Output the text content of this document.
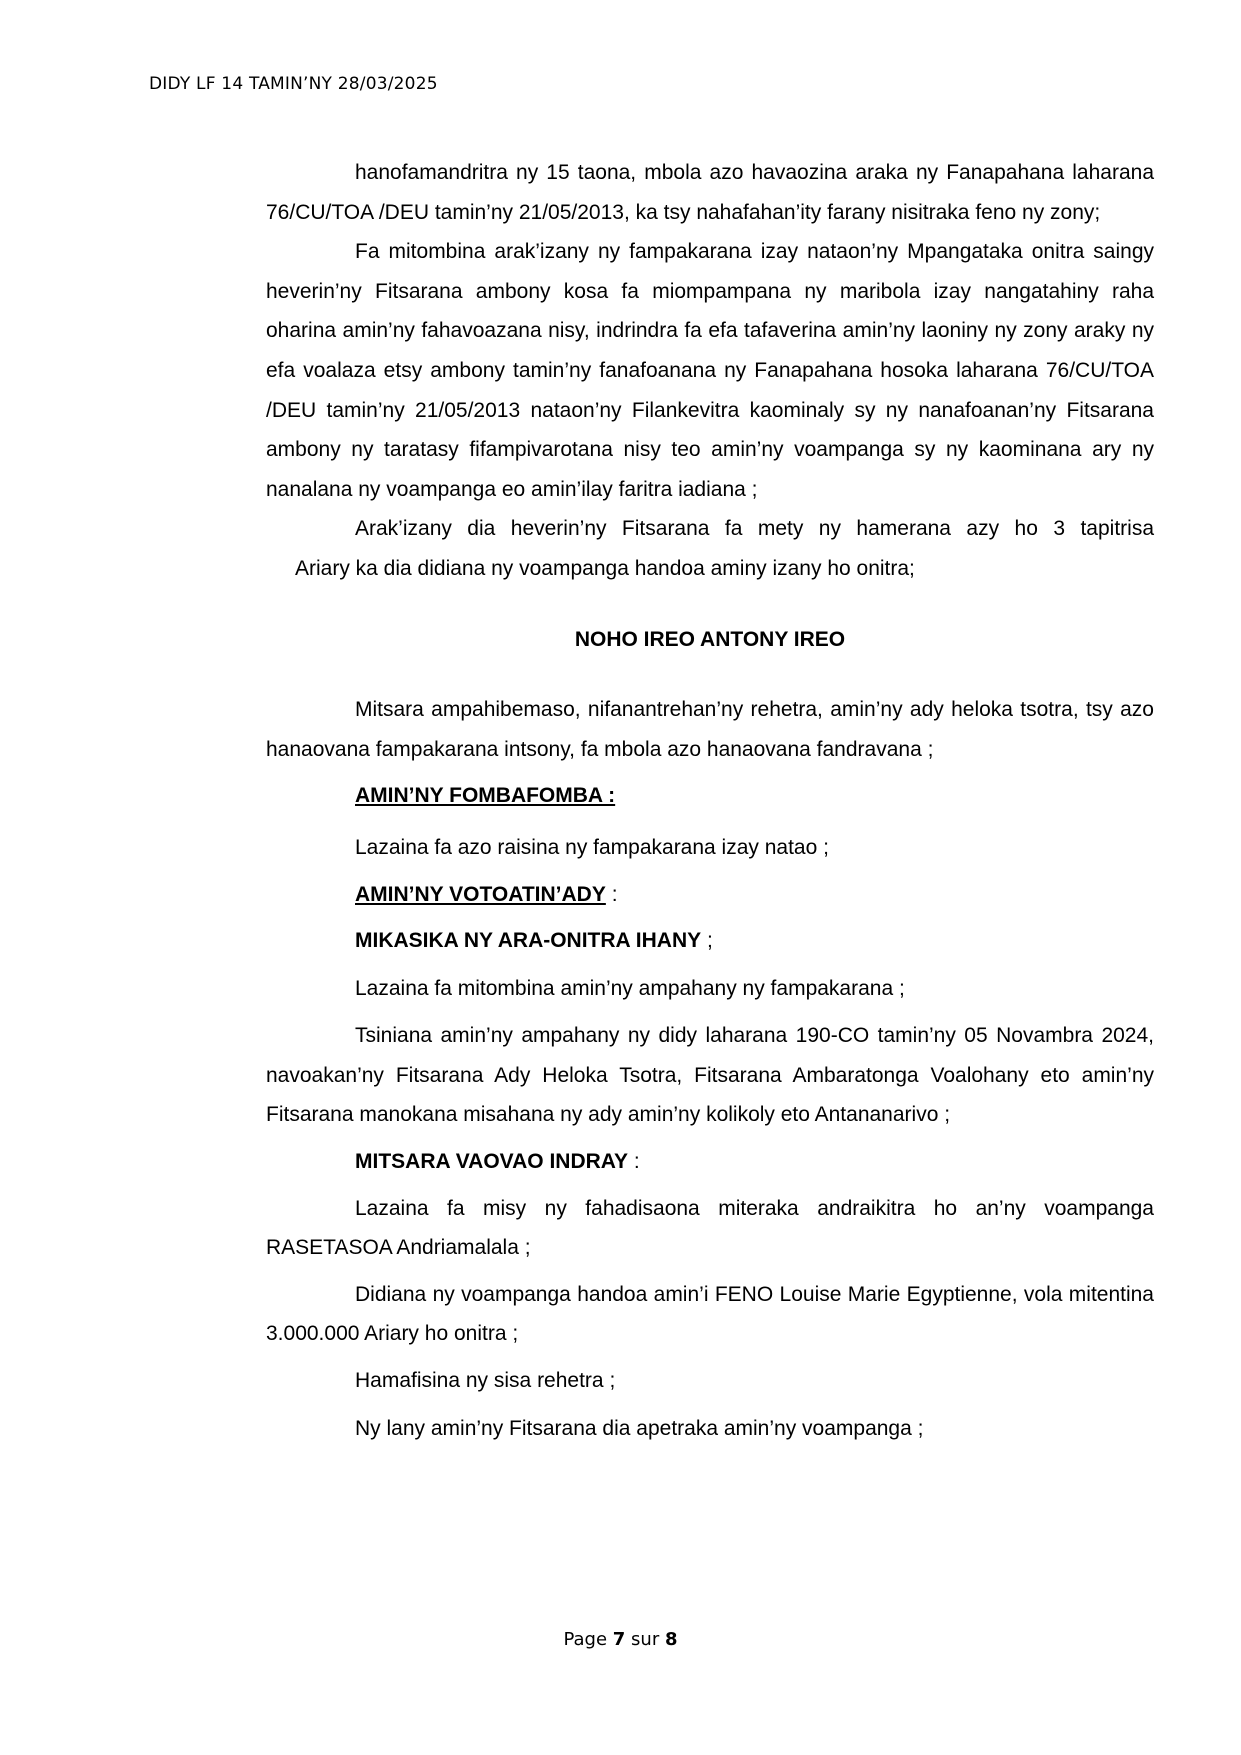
DIDY LF 14 TAMIN’NY 28/03/2025

hanofamandritra ny 15 taona, mbola azo havaozina araka ny Fanapahana laharana 76/CU/TOA /DEU tamin’ny 21/05/2013, ka tsy nahafahan’ity farany nisitraka feno ny zony;

Fa mitombina arak’izany ny fampakarana izay nataon’ny Mpangataka onitra saingy heverin’ny Fitsarana ambony kosa fa miompampana ny maribola izay nangatahiny raha oharina amin’ny fahavoazana nisy, indrindra fa efa tafaverina amin’ny laoniny ny zony araky ny efa voalaza etsy ambony tamin’ny fanafoanana ny Fanapahana hosoka laharana 76/CU/TOA /DEU tamin’ny 21/05/2013 nataon’ny Filankevitra kaominaly sy ny nanafoanan’ny Fitsarana ambony ny taratasy fifampivarotana nisy teo amin’ny voampanga sy ny kaominana ary ny nanalana ny voampanga eo amin’ilay faritra iadiana ;

Arak’izany dia heverin’ny Fitsarana fa mety ny hamerana azy ho 3 tapitrisa

Ariary ka dia didiana ny voampanga handoa aminy izany ho onitra;

NOHO IREO ANTONY IREO

Mitsara ampahibemaso, nifanantrehan’ny rehetra, amin’ny ady heloka tsotra, tsy azo hanaovana fampakarana intsony, fa mbola azo hanaovana fandravana ;

AMIN’NY FOMBAFOMBA :

Lazaina fa azo raisina ny fampakarana izay natao ;

AMIN’NY VOTOATIN’ADY :

MIKASIKA NY ARA-ONITRA IHANY ;

Lazaina fa mitombina amin’ny ampahany ny fampakarana ;

Tsiniana amin’ny ampahany ny didy laharana 190-CO tamin’ny 05 Novambra 2024, navoakan’ny Fitsarana Ady Heloka Tsotra, Fitsarana Ambaratonga Voalohany eto amin’ny Fitsarana manokana misahana ny ady amin’ny kolikoly eto Antananarivo ;

MITSARA VAOVAO INDRAY :

Lazaina fa misy ny fahadisaona miteraka andraikitra ho an’ny voampanga RASETASOA Andriamalala ;

Didiana ny voampanga handoa amin’i FENO Louise Marie Egyptienne, vola mitentina 3.000.000 Ariary ho onitra ;

Hamafisina ny sisa rehetra ;

Ny lany amin’ny Fitsarana dia apetraka amin’ny voampanga ;

Page 7 sur 8
